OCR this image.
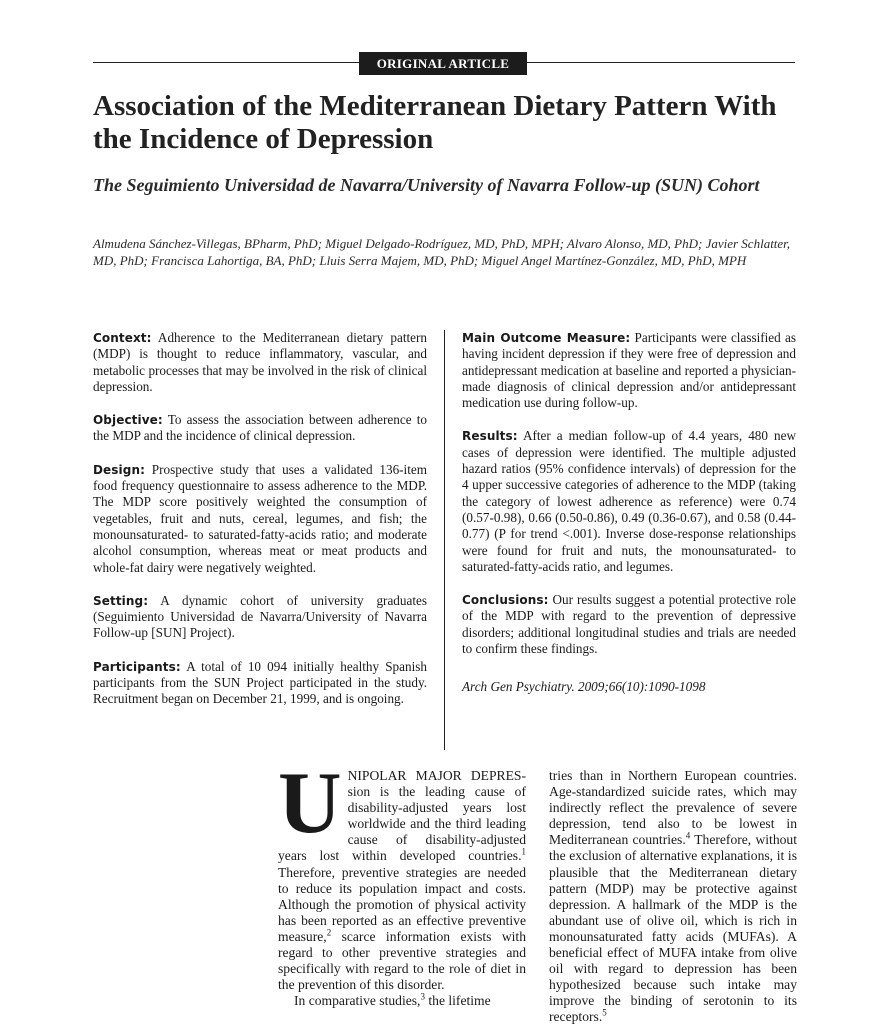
ORIGINAL ARTICLE
Association of the Mediterranean Dietary Pattern With the Incidence of Depression
The Seguimiento Universidad de Navarra/University of Navarra Follow-up (SUN) Cohort
Almudena Sánchez-Villegas, BPharm, PhD; Miguel Delgado-Rodríguez, MD, PhD, MPH; Alvaro Alonso, MD, PhD; Javier Schlatter, MD, PhD; Francisca Lahortiga, BA, PhD; Lluis Serra Majem, MD, PhD; Miguel Angel Martínez-González, MD, PhD, MPH

Context: Adherence to the Mediterranean dietary pattern (MDP) is thought to reduce inflammatory, vascular, and metabolic processes that may be involved in the risk of clinical depression.

Objective: To assess the association between adherence to the MDP and the incidence of clinical depression.

Design: Prospective study that uses a validated 136-item food frequency questionnaire to assess adherence to the MDP. The MDP score positively weighted the consumption of vegetables, fruit and nuts, cereal, legumes, and fish; the monounsaturated- to saturated-fatty-acids ratio; and moderate alcohol consumption, whereas meat or meat products and whole-fat dairy were negatively weighted.

Setting: A dynamic cohort of university graduates (Seguimiento Universidad de Navarra/University of Navarra Follow-up [SUN] Project).

Participants: A total of 10 094 initially healthy Spanish participants from the SUN Project participated in the study. Recruitment began on December 21, 1999, and is ongoing.

Main Outcome Measure: Participants were classified as having incident depression if they were free of depression and antidepressant medication at baseline and reported a physician-made diagnosis of clinical depression and/or antidepressant medication use during follow-up.

Results: After a median follow-up of 4.4 years, 480 new cases of depression were identified. The multiple adjusted hazard ratios (95% confidence intervals) of depression for the 4 upper successive categories of adherence to the MDP (taking the category of lowest adherence as reference) were 0.74 (0.57-0.98), 0.66 (0.50-0.86), 0.49 (0.36-0.67), and 0.58 (0.44-0.77) (P for trend <.001). Inverse dose-response relationships were found for fruit and nuts, the monounsaturated- to saturated-fatty-acids ratio, and legumes.

Conclusions: Our results suggest a potential protective role of the MDP with regard to the prevention of depressive disorders; additional longitudinal studies and trials are needed to confirm these findings.

Arch Gen Psychiatry. 2009;66(10):1090-1098

UNIPOLAR MAJOR DEPRES- sion is the leading cause of disability-adjusted years lost worldwide and the third leading cause of disability-adjusted years lost within developed countries.$^1$ Therefore, preventive strategies are needed to reduce its population impact and costs. Although the promotion of physical activity has been reported as an effective preventive measure,$^2$ scarce information exists with regard to other preventive strategies and specifically with regard to the role of diet in the prevention of this disorder.

In comparative studies,$^3$ the lifetime

tries than in Northern European countries. Age-standardized suicide rates, which may indirectly reflect the prevalence of severe depression, tend also to be lowest in Mediterranean countries.$^4$ Therefore, without the exclusion of alternative explanations, it is plausible that the Mediterranean dietary pattern (MDP) may be protective against depression. A hallmark of the MDP is the abundant use of olive oil, which is rich in monounsaturated fatty acids (MUFAs). A beneficial effect of MUFA intake from olive oil with regard to depression has been hypothesized because such intake may improve the binding of serotonin to its receptors.$^5$
